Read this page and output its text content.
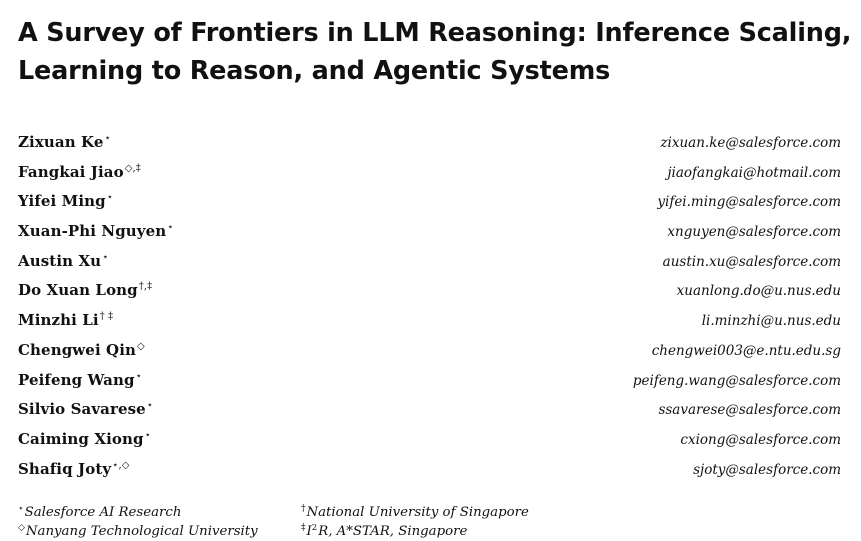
A Survey of Frontiers in LLM Reasoning: Inference Scaling,
Learning to Reason, and Agentic Systems
Zixuan Ke⋆	zixuan.ke@salesforce.com
Fangkai Jiao◇,‡	jiaofangkai@hotmail.com
Yifei Ming⋆	yifei.ming@salesforce.com
Xuan-Phi Nguyen⋆	xnguyen@salesforce.com
Austin Xu⋆	austin.xu@salesforce.com
Do Xuan Long†,‡	xuanlong.do@u.nus.edu
Minzhi Li† ‡	li.minzhi@u.nus.edu
Chengwei Qin◇	chengwei003@e.ntu.edu.sg
Peifeng Wang⋆	peifeng.wang@salesforce.com
Silvio Savarese⋆	ssavarese@salesforce.com
Caiming Xiong⋆	cxiong@salesforce.com
Shafiq Joty⋆,◇	sjoty@salesforce.com
⋆Salesforce AI Research	†National University of Singapore
◇Nanyang Technological University	$^\ddagger I^2R$, A*STAR, Singapore
